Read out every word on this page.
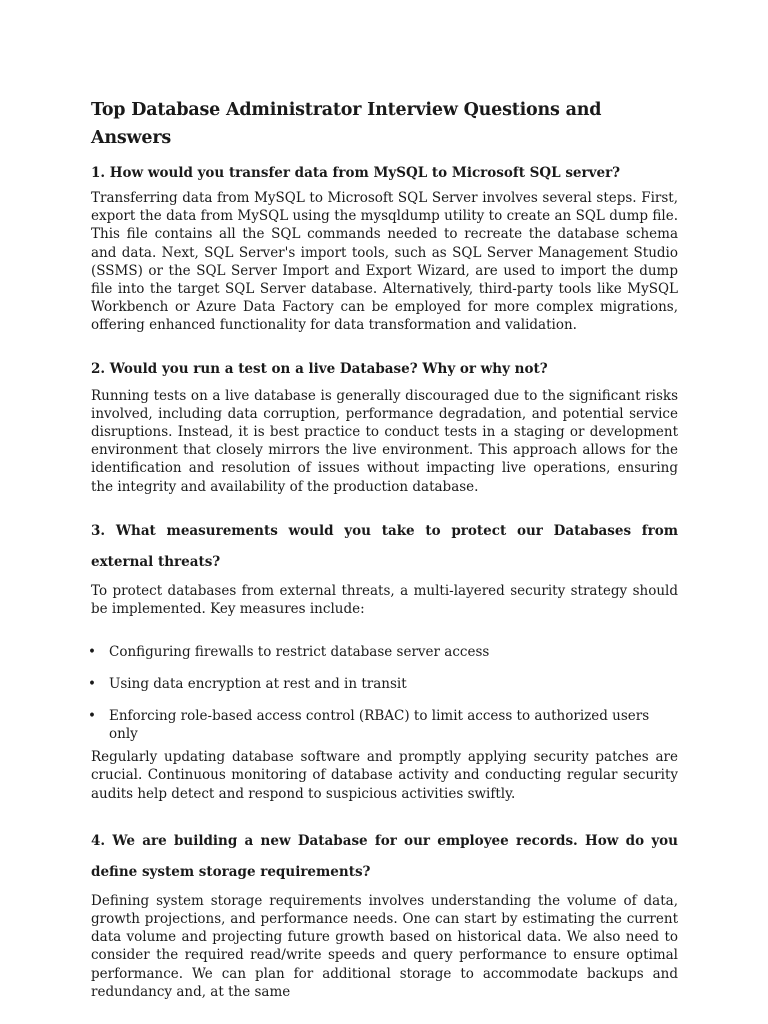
Top Database Administrator Interview Questions and Answers
1. How would you transfer data from MySQL to Microsoft SQL server?

Transferring data from MySQL to Microsoft SQL Server involves several steps. First, export the data from MySQL using the mysqldump utility to create an SQL dump file. This file contains all the SQL commands needed to recreate the database schema and data. Next, SQL Server's import tools, such as SQL Server Management Studio (SSMS) or the SQL Server Import and Export Wizard, are used to import the dump file into the target SQL Server database. Alternatively, third-party tools like MySQL Workbench or Azure Data Factory can be employed for more complex migrations, offering enhanced functionality for data transformation and validation.

2. Would you run a test on a live Database? Why or why not?

Running tests on a live database is generally discouraged due to the significant risks involved, including data corruption, performance degradation, and potential service disruptions. Instead, it is best practice to conduct tests in a staging or development environment that closely mirrors the live environment. This approach allows for the identification and resolution of issues without impacting live operations, ensuring the integrity and availability of the production database.

3. What measurements would you take to protect our Databases from external threats?

To protect databases from external threats, a multi-layered security strategy should be implemented. Key measures include:

• Configuring firewalls to restrict database server access
• Using data encryption at rest and in transit
• Enforcing role-based access control (RBAC) to limit access to authorized users only

Regularly updating database software and promptly applying security patches are crucial. Continuous monitoring of database activity and conducting regular security audits help detect and respond to suspicious activities swiftly.

4. We are building a new Database for our employee records. How do you define system storage requirements?

Defining system storage requirements involves understanding the volume of data, growth projections, and performance needs. One can start by estimating the current data volume and projecting future growth based on historical data. We also need to consider the required read/write speeds and query performance to ensure optimal performance. We can plan for additional storage to accommodate backups and redundancy and, at the same
